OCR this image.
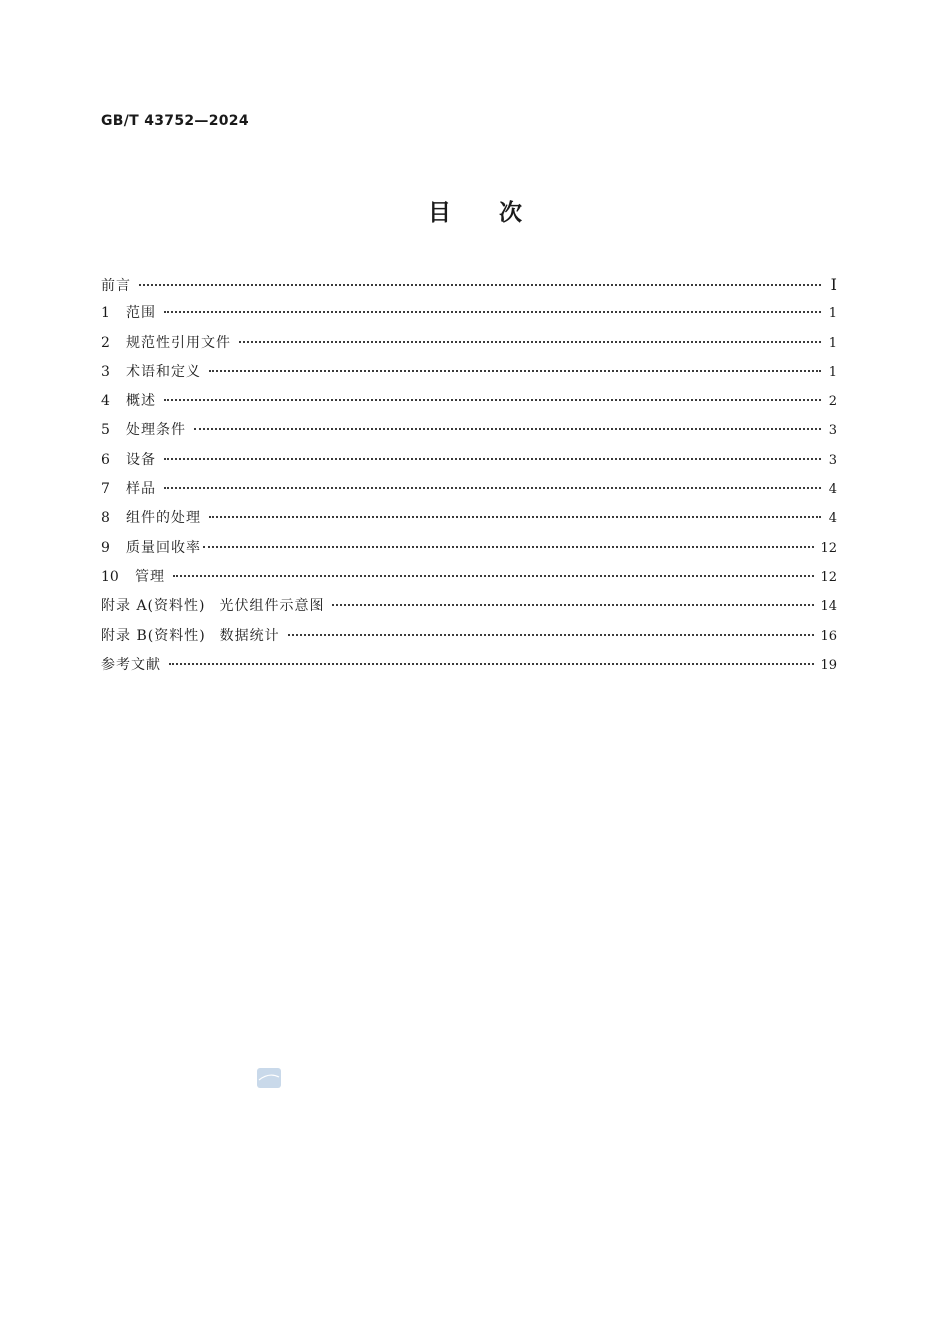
GB/T 43752—2024
目次
前言	Ⅰ
1	范围	1
2	规范性引用文件	1
3	术语和定义	1
4	概述	2
5	处理条件	3
6	设备	3
7	样品	4
8	组件的处理	4
9	质量回收率	12
10	管理	12
附录 A(资料性) 光伏组件示意图	14
附录 B(资料性) 数据统计	16
参考文献	19
